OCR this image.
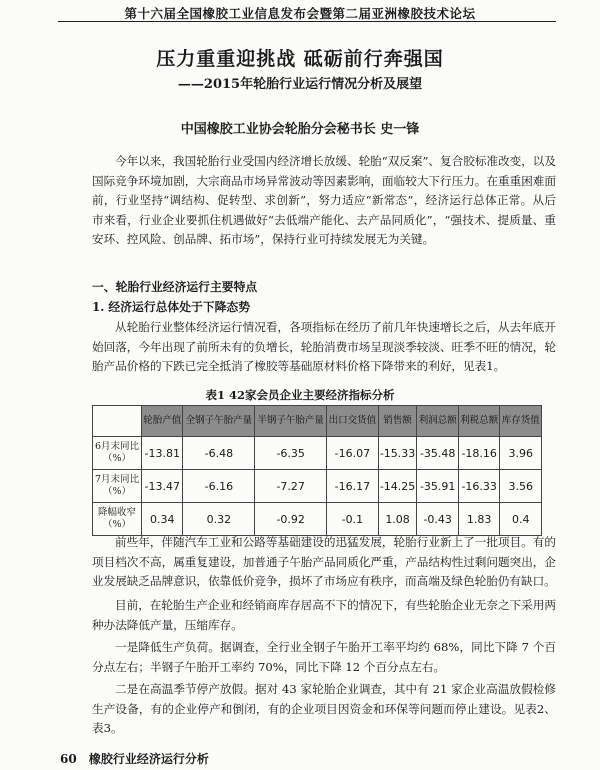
第十六届全国橡胶工业信息发布会暨第二届亚洲橡胶技术论坛
压力重重迎挑战 砥砺前行奔强国
——2015年轮胎行业运行情况分析及展望
中国橡胶工业协会轮胎分会秘书长 史一锋

今年以来，我国轮胎行业受国内经济增长放缓、轮胎“双反案”、复合胶标准改变，以及国际竞争环境加剧，大宗商品市场异常波动等因素影响，面临较大下行压力。在重重困难面前，行业坚持“调结构、促转型、求创新”，努力适应“新常态”，经济运行总体正常。从后市来看，行业企业要抓住机遇做好“去低端产能化、去产品同质化”，“强技术、提质量、重安环、控风险、创品牌、拓市场”，保持行业可持续发展无为关键。

一、轮胎行业经济运行主要特点
1. 经济运行总体处于下降态势

从轮胎行业整体经济运行情况看，各项指标在经历了前几年快速增长之后，从去年底开始回落，今年出现了前所未有的负增长，轮胎消费市场呈现淡季较淡、旺季不旺的情况，轮胎产品价格的下跌已完全抵消了橡胶等基础原材料价格下降带来的利好，见表1。

表1 42家会员企业主要经济指标分析
	轮胎产值	全钢子午胎产量	半钢子午胎产量	出口交货值	销售额	利润总额	利税总额	库存货值
6月末同比（%）	-13.81	-6.48	-6.35	-16.07	-15.33	-35.48	-18.16	3.96
7月末同比（%）	-13.47	-6.16	-7.27	-16.17	-14.25	-35.91	-16.33	3.56
降幅收窄（%）	0.34	0.32	-0.92	-0.1	1.08	-0.43	1.83	0.4

前些年，伴随汽车工业和公路等基础建设的迅猛发展，轮胎行业新上了一批项目。有的项目档次不高，属重复建设，加普通子午胎产品同质化严重，产品结构性过剩问题突出，企业发展缺乏品牌意识，依靠低价竞争，损坏了市场应有秩序，而高端及绿色轮胎仍有缺口。

目前，在轮胎生产企业和经销商库存居高不下的情况下，有些轮胎企业无奈之下采用两种办法降低产量，压缩库存。

一是降低生产负荷。据调查，全行业全钢子午胎开工率平均约 68%，同比下降 7 个百分点左右；半钢子午胎开工率约 70%，同比下降 12 个百分点左右。

二是在高温季节停产放假。据对 43 家轮胎企业调查，其中有 21 家企业高温放假检修生产设备，有的企业停产和倒闭，有的企业项目因资金和环保等问题而停止建设。见表2、表3。

60 橡胶行业经济运行分析
